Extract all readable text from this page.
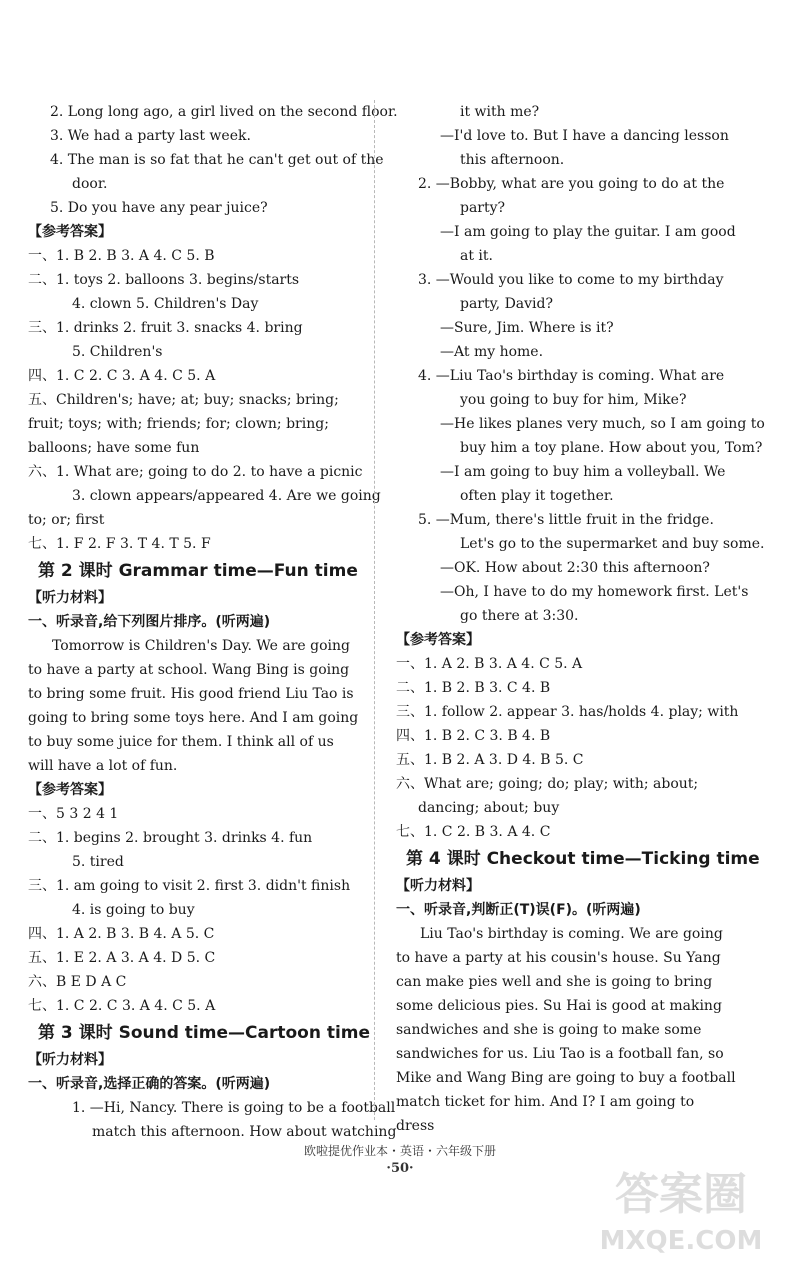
2. Long long ago, a girl lived on the second floor.
3. We had a party last week.
4. The man is so fat that he can't get out of the
door.
5. Do you have any pear juice?
【参考答案】
一、1. B 2. B 3. A 4. C 5. B
二、1. toys 2. balloons 3. begins/starts
4. clown 5. Children's Day
三、1. drinks 2. fruit 3. snacks 4. bring
5. Children's
四、1. C 2. C 3. A 4. C 5. A
五、Children's; have; at; buy; snacks; bring;
fruit; toys; with; friends; for; clown; bring;
balloons; have some fun
六、1. What are; going to do 2. to have a picnic
3. clown appears/appeared 4. Are we going
to; or; first
七、1. F 2. F 3. T 4. T 5. F
第 2 课时 Grammar time—Fun time
【听力材料】
一、听录音,给下列图片排序。(听两遍)
Tomorrow is Children's Day. We are going to have a party at school. Wang Bing is going to bring some fruit. His good friend Liu Tao is going to bring some toys here. And I am going to buy some juice for them. I think all of us will have a lot of fun.
【参考答案】
一、5 3 2 4 1
二、1. begins 2. brought 3. drinks 4. fun
5. tired
三、1. am going to visit 2. first 3. didn't finish
4. is going to buy
四、1. A 2. B 3. B 4. A 5. C
五、1. E 2. A 3. A 4. D 5. C
六、B E D A C
七、1. C 2. C 3. A 4. C 5. A
第 3 课时 Sound time—Cartoon time
【听力材料】
一、听录音,选择正确的答案。(听两遍)
1. —Hi, Nancy. There is going to be a football
match this afternoon. How about watching
it with me?
—I'd love to. But I have a dancing lesson
this afternoon.
2. —Bobby, what are you going to do at the
party?
—I am going to play the guitar. I am good
at it.
3. —Would you like to come to my birthday
party, David?
—Sure, Jim. Where is it?
—At my home.
4. —Liu Tao's birthday is coming. What are
you going to buy for him, Mike?
—He likes planes very much, so I am going to
buy him a toy plane. How about you, Tom?
—I am going to buy him a volleyball. We
often play it together.
5. —Mum, there's little fruit in the fridge.
Let's go to the supermarket and buy some.
—OK. How about 2:30 this afternoon?
—Oh, I have to do my homework first. Let's
go there at 3:30.
【参考答案】
一、1. A 2. B 3. A 4. C 5. A
二、1. B 2. B 3. C 4. B
三、1. follow 2. appear 3. has/holds 4. play; with
四、1. B 2. C 3. B 4. B
五、1. B 2. A 3. D 4. B 5. C
六、What are; going; do; play; with; about;
dancing; about; buy
七、1. C 2. B 3. A 4. C
第 4 课时 Checkout time—Ticking time
【听力材料】
一、听录音,判断正(T)误(F)。(听两遍)
Liu Tao's birthday is coming. We are going to have a party at his cousin's house. Su Yang can make pies well and she is going to bring some delicious pies. Su Hai is good at making sandwiches and she is going to make some sandwiches for us. Liu Tao is a football fan, so Mike and Wang Bing are going to buy a football match ticket for him. And I? I am going to dress
欧啦提优作业本・英语・六年级下册
·50·
答案圈
MXQE.COM
